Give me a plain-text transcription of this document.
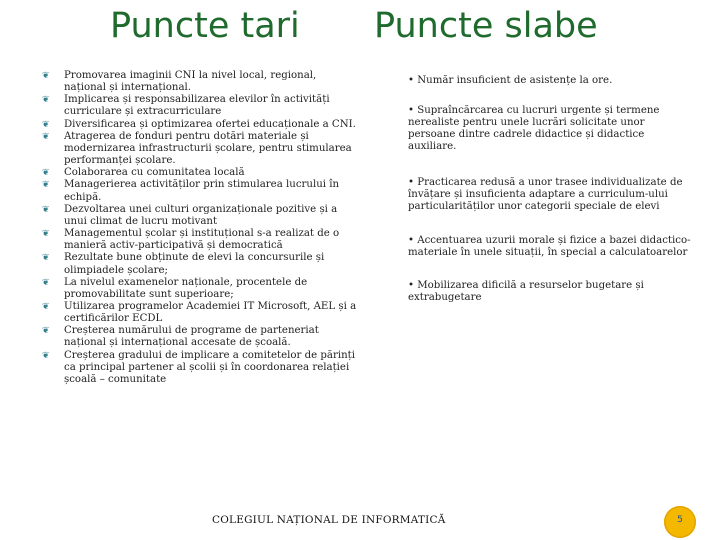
Puncte tari Puncte slabe
❦ Promovarea imaginii CNI la nivel local, regional,
național și internațional.
❦ Implicarea și responsabilizarea elevilor în activități
curriculare și extracurriculare
❦ Diversificarea și optimizarea ofertei educaționale a CNI.
❦ Atragerea de fonduri pentru dotări materiale și
modernizarea infrastructurii școlare, pentru stimularea
performanței școlare.
❦ Colaborarea cu comunitatea locală
❦ Managerierea activităților prin stimularea lucrului în
echipă.
❦ Dezvoltarea unei culturi organizaționale pozitive și a
unui climat de lucru motivant
❦ Managementul școlar și instituțional s-a realizat de o
manieră activ-participativă și democratică
❦ Rezultate bune obținute de elevi la concursurile și
olimpiadele școlare;
❦ La nivelul examenelor naționale, procentele de
promovabilitate sunt superioare;
❦ Utilizarea programelor Academiei IT Microsoft, AEL și a
certificărilor ECDL
❦ Creșterea numărului de programe de parteneriat
național și internațional accesate de școală.
❦ Creșterea gradului de implicare a comitetelor de părinți
ca principal partener al școlii și în coordonarea relației
școală – comunitate
• Număr insuficient de asistențe la ore.
• Supraîncărcarea cu lucruri urgente și termene
nerealiste pentru unele lucrări solicitate unor
persoane dintre cadrele didactice și didactice
auxiliare.
• Practicarea redusă a unor trasee individualizate de
învățare și insuficienta adaptare a curriculum-ului
particularităților unor categorii speciale de elevi
• Accentuarea uzurii morale și fizice a bazei didactico-
materiale în unele situații, în special a calculatoarelor
• Mobilizarea dificilă a resurselor bugetare și
extrabugetare
COLEGIUL NAȚIONAL DE INFORMATICĂ	5
